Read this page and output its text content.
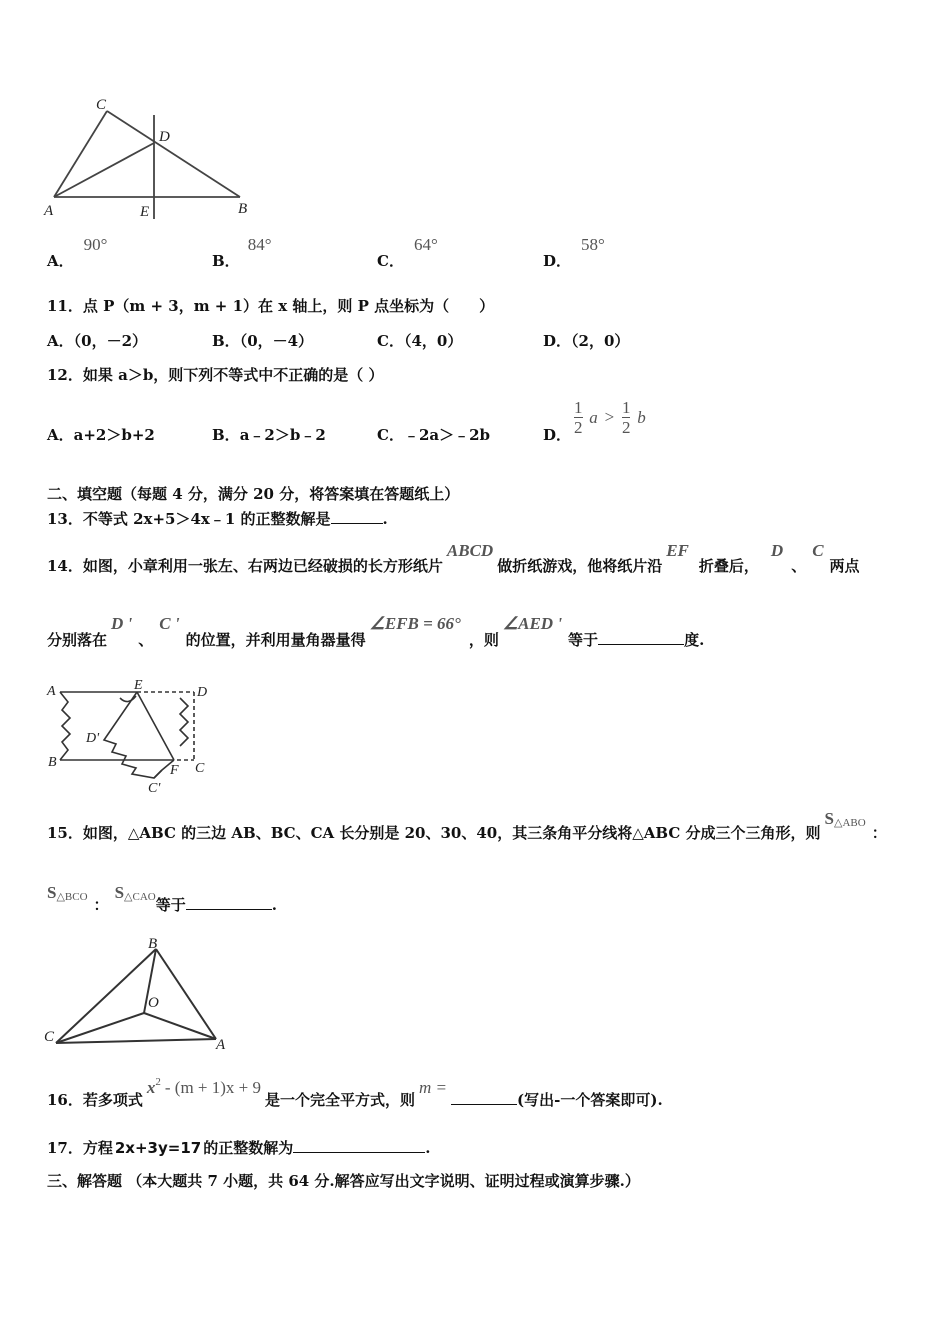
C
D
A	E	B
A．90°
B．84°
C．64°
D．58°
11．点 P（m + 3，m + 1）在 x 轴上，则 P 点坐标为（　　）
A．（0，－2）	B．（0，－4）	C．（4，0）	D．（2，0）
12．如果 a＞b，则下列不等式中不正确的是（ ）
A．a+2＞b+2	B．a﹣2＞b﹣2	C．﹣2a＞﹣2b	D． $\frac{1}{2}$ $a > \frac{1}{2}$ b
二、填空题（每题 4 分，满分 20 分，将答案填在答题纸上）
13．不等式 2x+5＞4x﹣1 的正整数解是	.
14．如图，小章利用一张左、右两边已经破损的长方形纸片ABCD做折纸游戏，他将纸片沿EF折叠后，D、C两点
分别落在D '、C '的位置，并利用量角器量得∠EFB = 66°，则∠AED '等于	度.
A	E	D
D'
B
F C
C'
15．如图，△ABC 的三边 AB、BC、CA 长分别是 20、30、40，其三条角平分线将△ABC 分成三个三角形，则S△ABO：
S△BCO ：S△CAO等于	.
B
O
C	A
16．若多项式$x^2 - (m + 1)x + 9$是一个完全平方式，则m =(写出-一个答案即可).
17．方程 2x+3y=17 的正整数解为	.
三、解答题 （本大题共 7 小题，共 64 分.解答应写出文字说明、证明过程或演算步骤.）
